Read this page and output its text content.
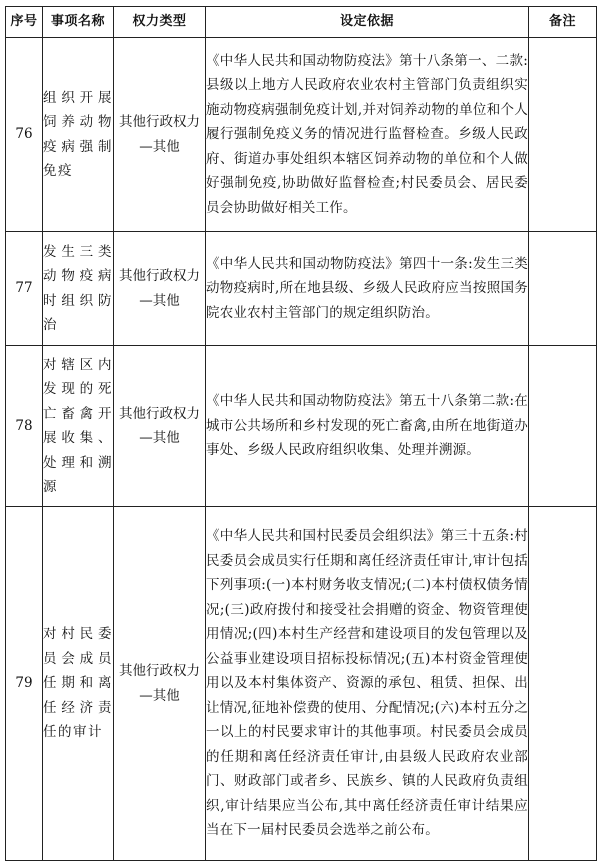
序号	事项名称	权力类型	设定依据	备注
76	组织开展饲养动物疫病强制免疫	其他行政权力—其他	《中华人民共和国动物防疫法》第十八条第一、二款:县级以上地方人民政府农业农村主管部门负责组织实施动物疫病强制免疫计划,并对饲养动物的单位和个人履行强制免疫义务的情况进行监督检查。乡级人民政府、街道办事处组织本辖区饲养动物的单位和个人做好强制免疫,协助做好监督检查;村民委员会、居民委员会协助做好相关工作。	
77	发生三类动物疫病时组织防治	其他行政权力—其他	《中华人民共和国动物防疫法》第四十一条:发生三类动物疫病时,所在地县级、乡级人民政府应当按照国务院农业农村主管部门的规定组织防治。	
78	对辖区内发现的死亡畜禽开展收集、处理和溯源	其他行政权力—其他	《中华人民共和国动物防疫法》第五十八条第二款:在城市公共场所和乡村发现的死亡畜禽,由所在地街道办事处、乡级人民政府组织收集、处理并溯源。	
79	对村民委员会成员任期和离任经济责任的审计	其他行政权力—其他	《中华人民共和国村民委员会组织法》第三十五条:村民委员会成员实行任期和离任经济责任审计,审计包括下列事项:(一)本村财务收支情况;(二)本村债权债务情况;(三)政府拨付和接受社会捐赠的资金、物资管理使用情况;(四)本村生产经营和建设项目的发包管理以及公益事业建设项目招标投标情况;(五)本村资金管理使用以及本村集体资产、资源的承包、租赁、担保、出让情况,征地补偿费的使用、分配情况;(六)本村五分之一以上的村民要求审计的其他事项。村民委员会成员的任期和离任经济责任审计,由县级人民政府农业部门、财政部门或者乡、民族乡、镇的人民政府负责组织,审计结果应当公布,其中离任经济责任审计结果应当在下一届村民委员会选举之前公布。	
